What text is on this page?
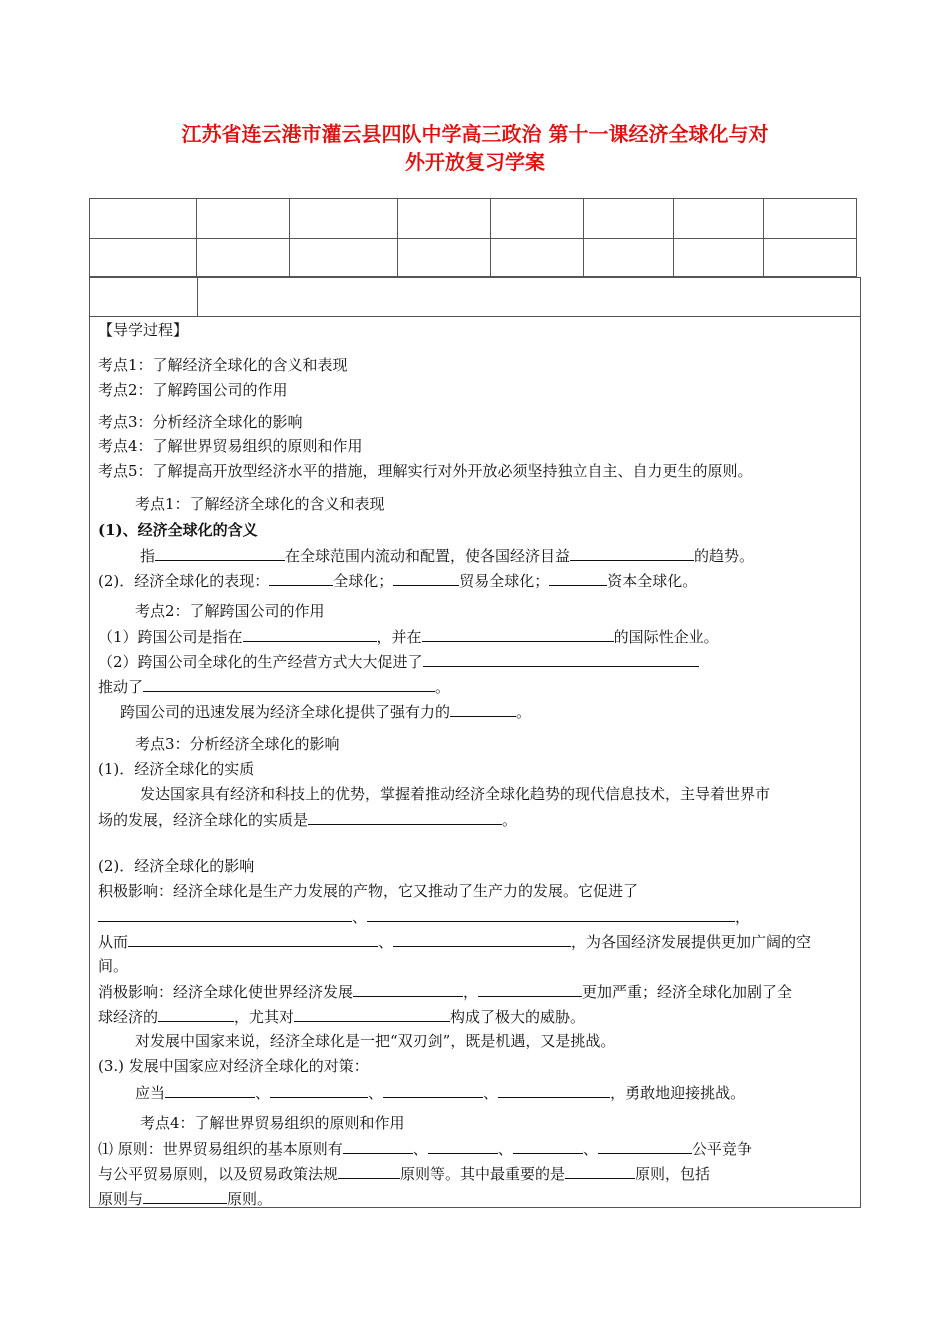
江苏省连云港市灌云县四队中学高三政治 第十一课经济全球化与对
外开放复习学案

【导学过程】
考点1：了解经济全球化的含义和表现
考点2：了解跨国公司的作用
考点3：分析经济全球化的影响
考点4：了解世界贸易组织的原则和作用
考点5：了解提高开放型经济水平的措施，理解实行对外开放必须坚持独立自主、自力更生的原则。
考点1：了解经济全球化的含义和表现
(1)、经济全球化的含义
指	在全球范围内流动和配置，使各国经济目益	的趋势。
(2)．经济全球化的表现：	全球化；	贸易全球化；	资本全球化。
考点2：了解跨国公司的作用
（1）跨国公司是指在	，并在	的国际性企业。
（2）跨国公司全球化的生产经营方式大大促进了
推动了	。
跨国公司的迅速发展为经济全球化提供了强有力的	。
考点3：分析经济全球化的影响
(1)．经济全球化的实质
发达国家具有经济和科技上的优势，掌握着推动经济全球化趋势的现代信息技术，主导着世界市
场的发展，经济全球化的实质是	。
(2)．经济全球化的影响
积极影响：经济全球化是生产力发展的产物，它又推动了生产力的发展。它促进了
、	，
从而	、	，为各国经济发展提供更加广阔的空
间。
消极影响：经济全球化使世界经济发展	，	更加严重；经济全球化加剧了全
球经济的	，尤其对	构成了极大的威胁。
对发展中国家来说，经济全球化是一把“双刃剑”，既是机遇，又是挑战。
(3.) 发展中国家应对经济全球化的对策：
应当	、	、	、	，勇敢地迎接挑战。
考点4：了解世界贸易组织的原则和作用
⑴ 原则：世界贸易组织的基本原则有	、	、	、	公平竞争
与公平贸易原则，以及贸易政策法规	原则等。其中最重要的是	原则，包括
原则与	原则。
